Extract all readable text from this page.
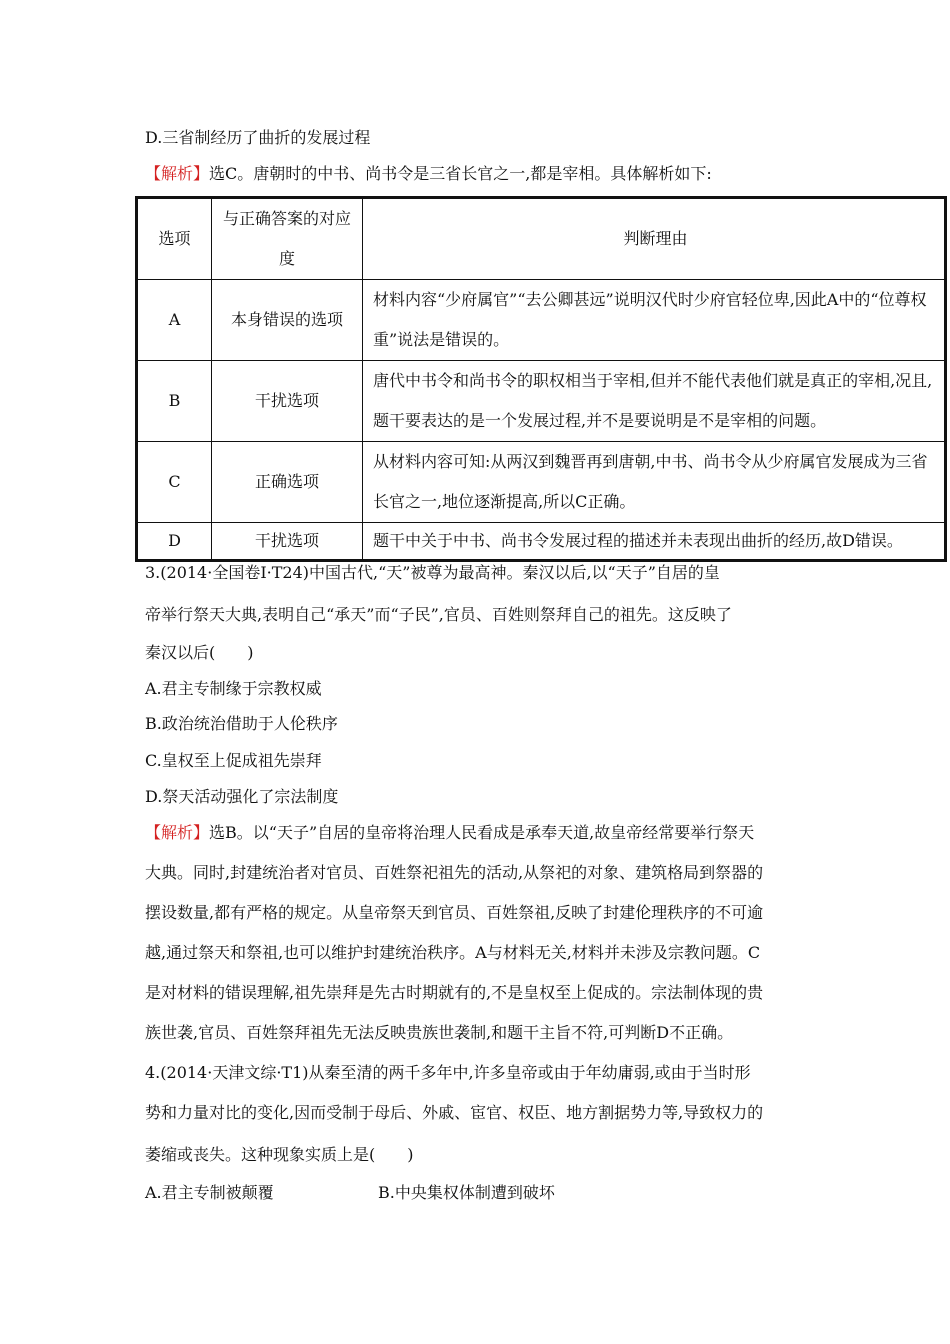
D.三省制经历了曲折的发展过程
【解析】选C。唐朝时的中书、尚书令是三省长官之一,都是宰相。具体解析如下:
选项	与正确答案的对应度	判断理由
A	本身错误的选项	材料内容“少府属官”“去公卿甚远”说明汉代时少府官轻位卑,因此A中的“位尊权重”说法是错误的。
B	干扰选项	唐代中书令和尚书令的职权相当于宰相,但并不能代表他们就是真正的宰相,况且,题干要表达的是一个发展过程,并不是要说明是不是宰相的问题。
C	正确选项	从材料内容可知:从两汉到魏晋再到唐朝,中书、尚书令从少府属官发展成为三省长官之一,地位逐渐提高,所以C正确。
D	干扰选项	题干中关于中书、尚书令发展过程的描述并未表现出曲折的经历,故D错误。
3.(2014·全国卷Ⅰ·T24)中国古代,“天”被尊为最高神。秦汉以后,以“天子”自居的皇
帝举行祭天大典,表明自己“承天”而“子民”,官员、百姓则祭拜自己的祖先。这反映了
秦汉以后(　　)
A.君主专制缘于宗教权威
B.政治统治借助于人伦秩序
C.皇权至上促成祖先崇拜
D.祭天活动强化了宗法制度
【解析】选B。以“天子”自居的皇帝将治理人民看成是承奉天道,故皇帝经常要举行祭天
大典。同时,封建统治者对官员、百姓祭祀祖先的活动,从祭祀的对象、建筑格局到祭器的
摆设数量,都有严格的规定。从皇帝祭天到官员、百姓祭祖,反映了封建伦理秩序的不可逾
越,通过祭天和祭祖,也可以维护封建统治秩序。A与材料无关,材料并未涉及宗教问题。C
是对材料的错误理解,祖先崇拜是先古时期就有的,不是皇权至上促成的。宗法制体现的贵
族世袭,官员、百姓祭拜祖先无法反映贵族世袭制,和题干主旨不符,可判断D不正确。
4.(2014·天津文综·T1)从秦至清的两千多年中,许多皇帝或由于年幼庸弱,或由于当时形
势和力量对比的变化,因而受制于母后、外戚、宦官、权臣、地方割据势力等,导致权力的
萎缩或丧失。这种现象实质上是(　　)
A.君主专制被颠覆	B.中央集权体制遭到破坏
